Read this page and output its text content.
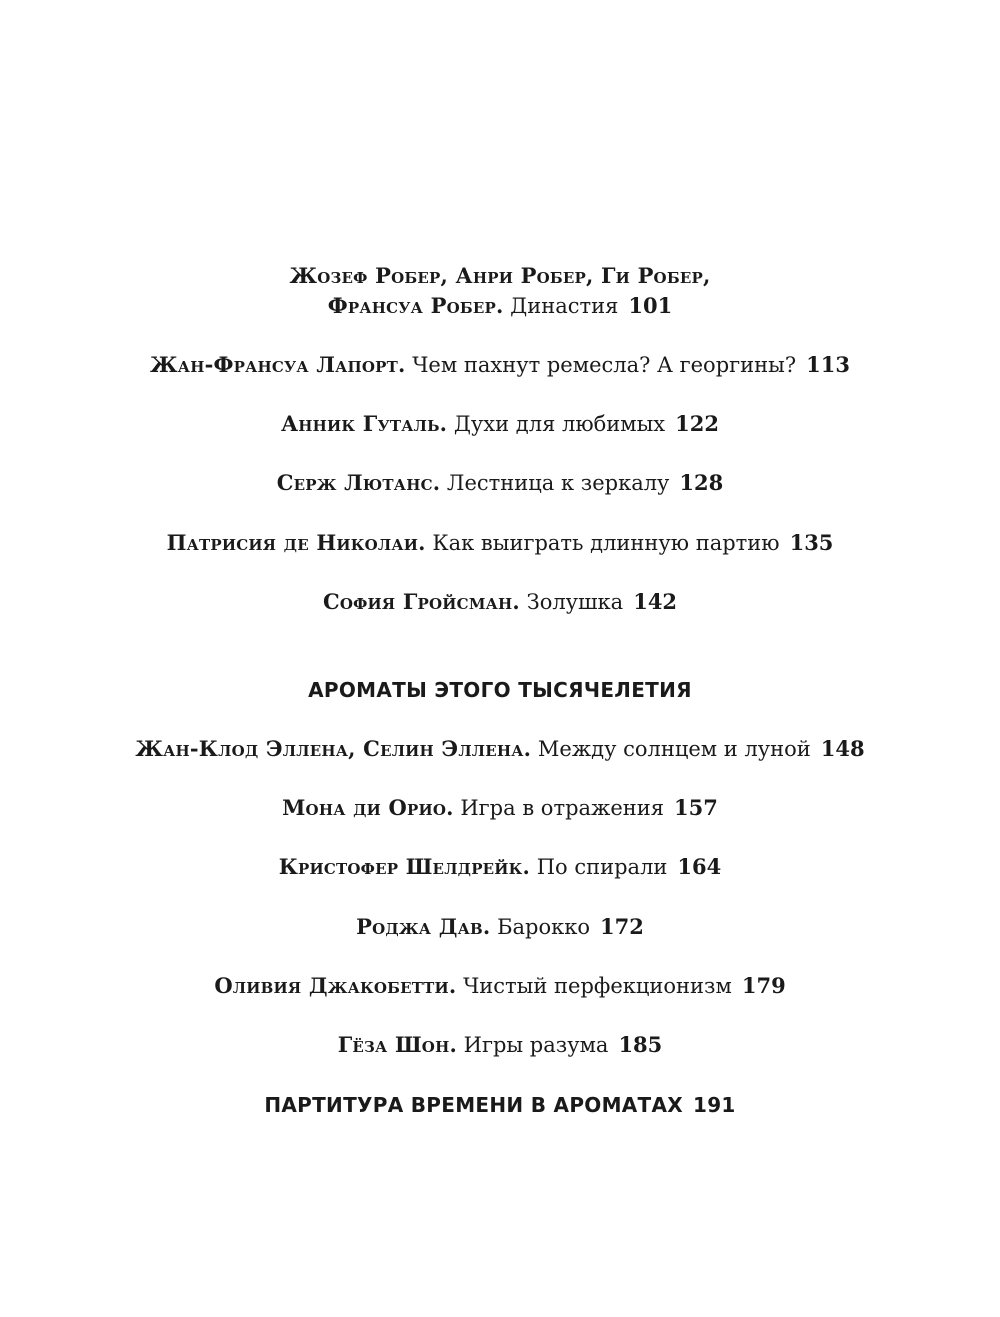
Жозеф Робер, Анри Робер, Ги Робер,
Франсуа Робер. Династия 101
Жан-Франсуа Лапорт. Чем пахнут ремесла? А георгины? 113
Анник Гуталь. Духи для любимых 122
Серж Лютанс. Лестница к зеркалу 128
Патрисия де Николаи. Как выиграть длинную партию 135
София Гройсман. Золушка 142
АРОМАТЫ ЭТОГО ТЫСЯЧЕЛЕТИЯ
Жан-Клод Эллена, Селин Эллена. Между солнцем и луной 148
Мона ди Орио. Игра в отражения 157
Кристофер Шелдрейк. По спирали 164
Роджа Дав. Барокко 172
Оливия Джакобетти. Чистый перфекционизм 179
Гёза Шон. Игры разума 185
ПАРТИТУРА ВРЕМЕНИ В АРОМАТАХ 191
